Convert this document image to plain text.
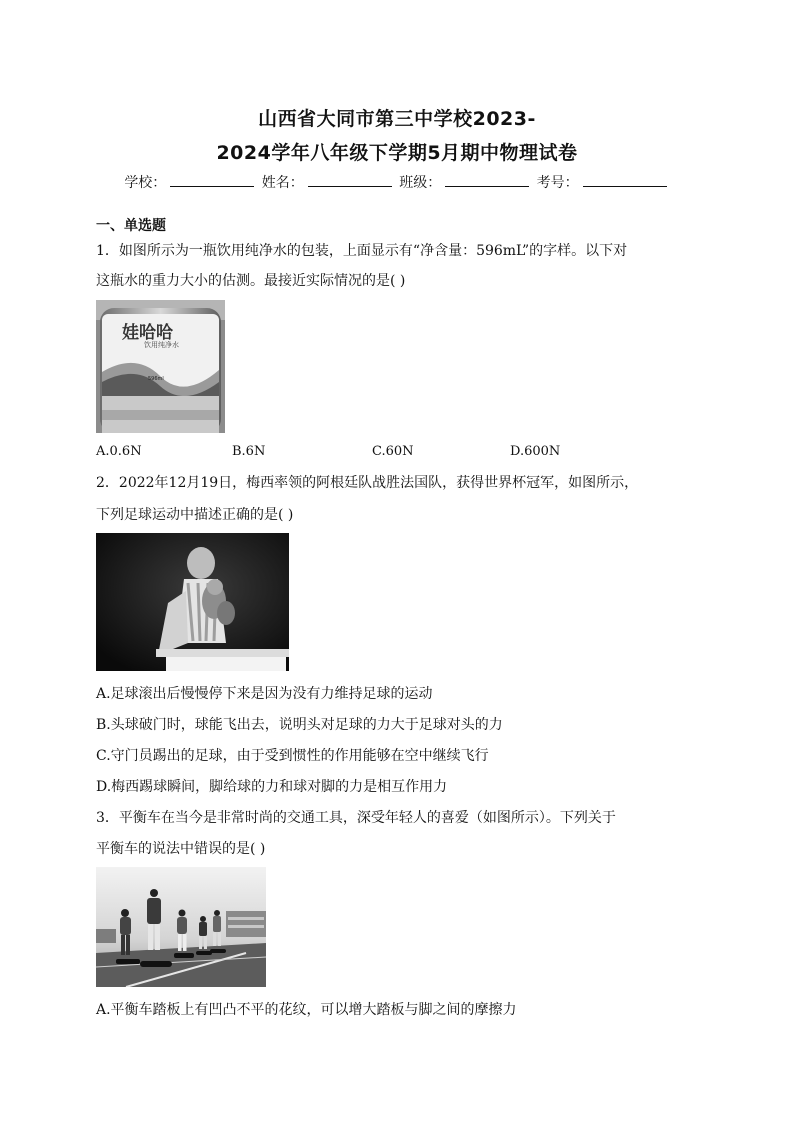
山西省大同市第三中学校2023-
2024学年八年级下学期5月期中物理试卷
学校：	姓名：	班级：	考号：
一、单选题
1．如图所示为一瓶饮用纯净水的包装，上面显示有“净含量：596mL”的字样。以下对
这瓶水的重力大小的估测。最接近实际情况的是( )
娃哈哈
饮用纯净水
596ml
A.0.6N	B.6N	C.60N	D.600N
2．2022年12月19日，梅西率领的阿根廷队战胜法国队，获得世界杯冠军，如图所示，
下列足球运动中描述正确的是( )
A.足球滚出后慢慢停下来是因为没有力维持足球的运动
B.头球破门时，球能飞出去，说明头对足球的力大于足球对头的力
C.守门员踢出的足球，由于受到惯性的作用能够在空中继续飞行
D.梅西踢球瞬间，脚给球的力和球对脚的力是相互作用力
3．平衡车在当今是非常时尚的交通工具，深受年轻人的喜爱（如图所示）。下列关于
平衡车的说法中错误的是( )
A.平衡车踏板上有凹凸不平的花纹，可以增大踏板与脚之间的摩擦力
